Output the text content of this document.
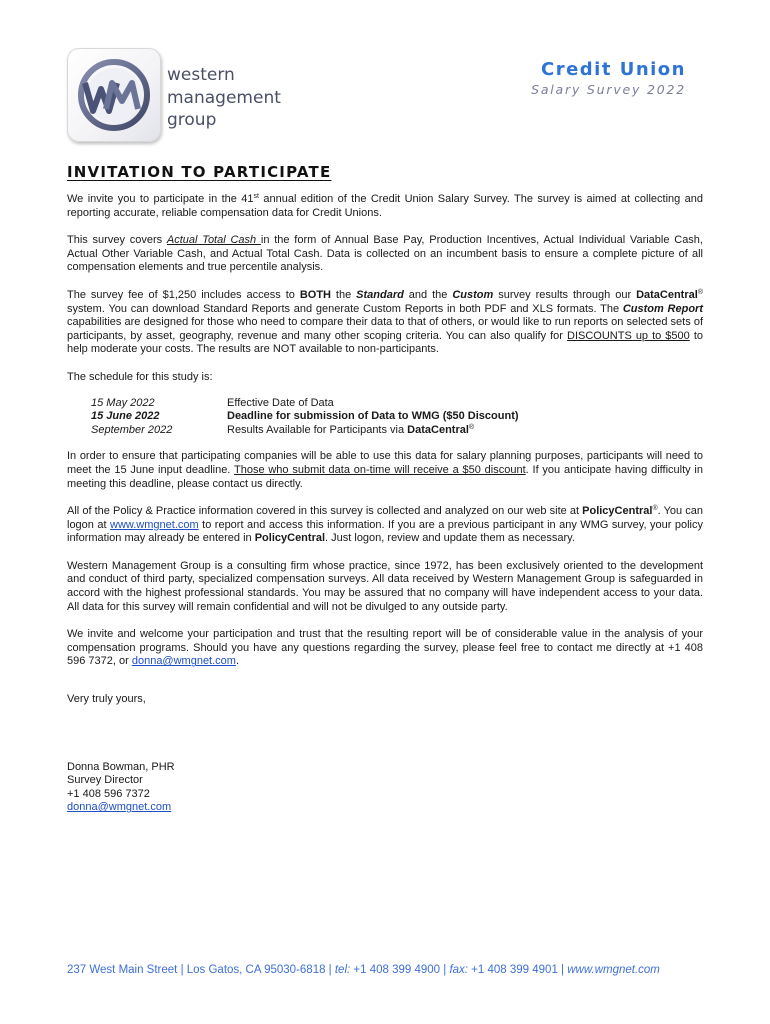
western
management
group
Credit Union
Salary Survey 2022
INVITATION TO PARTICIPATE

We invite you to participate in the 41st annual edition of the Credit Union Salary Survey. The survey is aimed at collecting and reporting accurate, reliable compensation data for Credit Unions.

This survey covers Actual Total Cash in the form of Annual Base Pay, Production Incentives, Actual Individual Variable Cash, Actual Other Variable Cash, and Actual Total Cash. Data is collected on an incumbent basis to ensure a complete picture of all compensation elements and true percentile analysis.

The survey fee of $1,250 includes access to BOTH the Standard and the Custom survey results through our DataCentral® system. You can download Standard Reports and generate Custom Reports in both PDF and XLS formats. The Custom Report capabilities are designed for those who need to compare their data to that of others, or would like to run reports on selected sets of participants, by asset, geography, revenue and many other scoping criteria. You can also qualify for DISCOUNTS up to $500 to help moderate your costs. The results are NOT available to non-participants.

The schedule for this study is:

15 May 2022	Effective Date of Data
15 June 2022	Deadline for submission of Data to WMG ($50 Discount)
September 2022	Results Available for Participants via DataCentral®

In order to ensure that participating companies will be able to use this data for salary planning purposes, participants will need to meet the 15 June input deadline. Those who submit data on-time will receive a $50 discount. If you anticipate having difficulty in meeting this deadline, please contact us directly.

All of the Policy & Practice information covered in this survey is collected and analyzed on our web site at PolicyCentral®. You can logon at www.wmgnet.com to report and access this information. If you are a previous participant in any WMG survey, your policy information may already be entered in PolicyCentral. Just logon, review and update them as necessary.

Western Management Group is a consulting firm whose practice, since 1972, has been exclusively oriented to the development and conduct of third party, specialized compensation surveys. All data received by Western Management Group is safeguarded in accord with the highest professional standards. You may be assured that no company will have independent access to your data. All data for this survey will remain confidential and will not be divulged to any outside party.

We invite and welcome your participation and trust that the resulting report will be of considerable value in the analysis of your compensation programs. Should you have any questions regarding the survey, please feel free to contact me directly at +1 408 596 7372, or donna@wmgnet.com.

Very truly yours,
Donna Bowman, PHR
Survey Director
+1 408 596 7372
donna@wmgnet.com
237 West Main Street | Los Gatos, CA 95030-6818 | tel: +1 408 399 4900 | fax: +1 408 399 4901 | www.wmgnet.com
